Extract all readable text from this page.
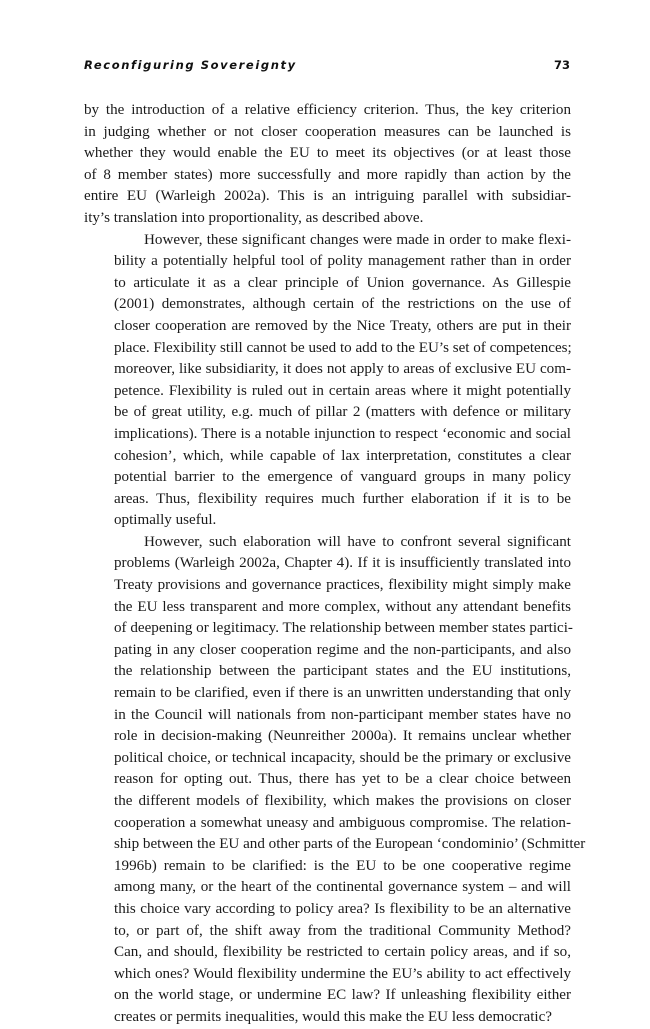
Reconfiguring Sovereignty	73

by the introduction of a relative efficiency criterion. Thus, the key criterion
in judging whether or not closer cooperation measures can be launched is
whether they would enable the EU to meet its objectives (or at least those
of 8 member states) more successfully and more rapidly than action by the
entire EU (Warleigh 2002a). This is an intriguing parallel with subsidiar-
ity’s translation into proportionality, as described above.

However, these significant changes were made in order to make flexi-
bility a potentially helpful tool of polity management rather than in order
to articulate it as a clear principle of Union governance. As Gillespie
(2001) demonstrates, although certain of the restrictions on the use of
closer cooperation are removed by the Nice Treaty, others are put in their
place. Flexibility still cannot be used to add to the EU’s set of competences;
moreover, like subsidiarity, it does not apply to areas of exclusive EU com-
petence. Flexibility is ruled out in certain areas where it might potentially
be of great utility, e.g. much of pillar 2 (matters with defence or military
implications). There is a notable injunction to respect ‘economic and social
cohesion’, which, while capable of lax interpretation, constitutes a clear
potential barrier to the emergence of vanguard groups in many policy
areas. Thus, flexibility requires much further elaboration if it is to be
optimally useful.

However, such elaboration will have to confront several significant
problems (Warleigh 2002a, Chapter 4). If it is insufficiently translated into
Treaty provisions and governance practices, flexibility might simply make
the EU less transparent and more complex, without any attendant benefits
of deepening or legitimacy. The relationship between member states partici-
pating in any closer cooperation regime and the non-participants, and also
the relationship between the participant states and the EU institutions,
remain to be clarified, even if there is an unwritten understanding that only
in the Council will nationals from non-participant member states have no
role in decision-making (Neunreither 2000a). It remains unclear whether
political choice, or technical incapacity, should be the primary or exclusive
reason for opting out. Thus, there has yet to be a clear choice between
the different models of flexibility, which makes the provisions on closer
cooperation a somewhat uneasy and ambiguous compromise. The relation-
ship between the EU and other parts of the European ‘condominio’ (Schmitter
1996b) remain to be clarified: is the EU to be one cooperative regime
among many, or the heart of the continental governance system – and will
this choice vary according to policy area? Is flexibility to be an alternative
to, or part of, the shift away from the traditional Community Method?
Can, and should, flexibility be restricted to certain policy areas, and if so,
which ones? Would flexibility undermine the EU’s ability to act effectively
on the world stage, or undermine EC law? If unleashing flexibility either
creates or permits inequalities, would this make the EU less democratic?
